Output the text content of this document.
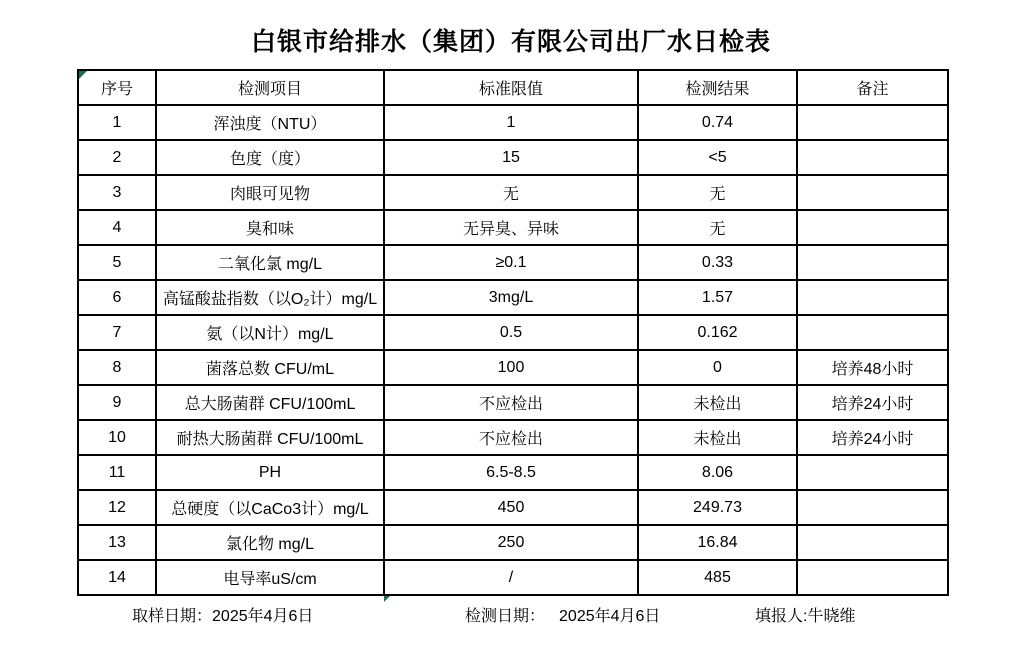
白银市给排水（集团）有限公司出厂水日检表
序号	检测项目	标准限值	检测结果	备注
1	浑浊度（NTU）	1	0.74	
2	色度（度）	15	<5	
3	肉眼可见物	无	无	
4	臭和味	无异臭、异味	无	
5	二氧化氯 mg/L	≥0.1	0.33	
6	高锰酸盐指数（以O₂计）mg/L	3mg/L	1.57	
7	氨（以N计）mg/L	0.5	0.162	
8	菌落总数 CFU/mL	100	0	培养48小时
9	总大肠菌群 CFU/100mL	不应检出	未检出	培养24小时
10	耐热大肠菌群 CFU/100mL	不应检出	未检出	培养24小时
11	PH	6.5-8.5	8.06	
12	总硬度（以CaCo3计）mg/L	450	249.73	
13	氯化物 mg/L	250	16.84	
14	电导率uS/cm	/	485	
取样日期：2025年4月6日	检测日期： 2025年4月6日	填报人:牛晓维
